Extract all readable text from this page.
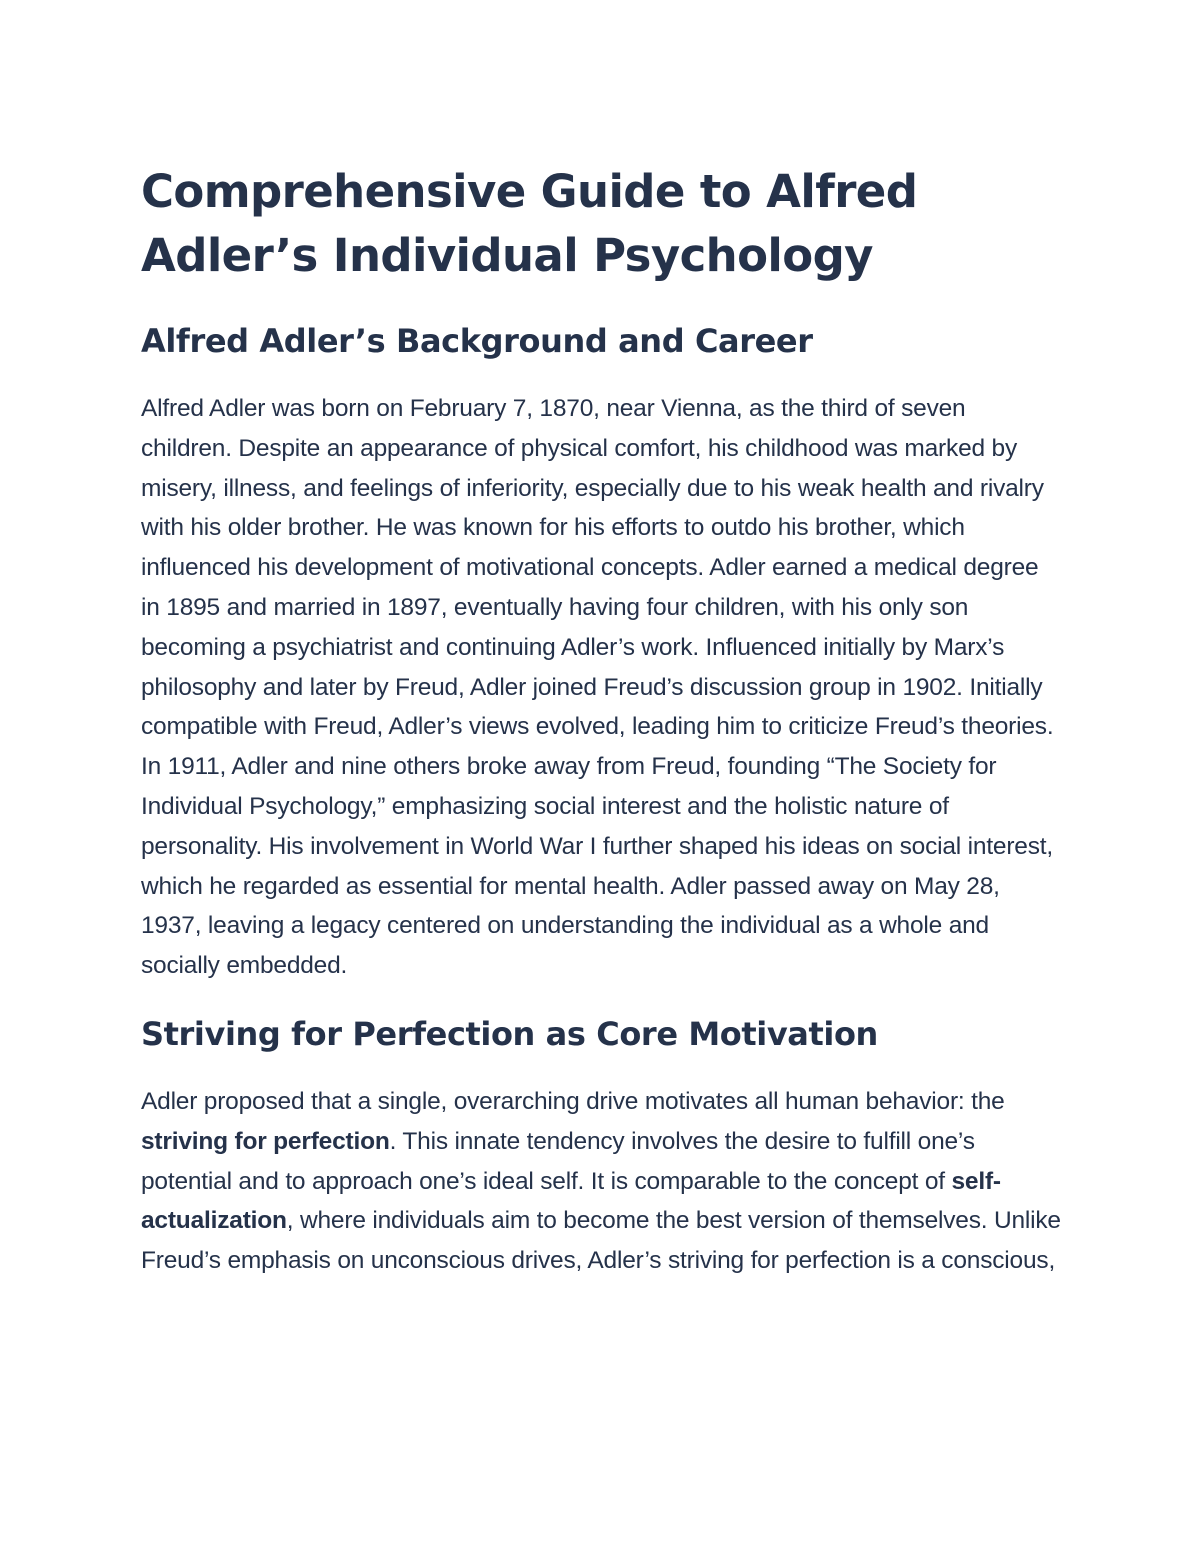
Comprehensive Guide to Alfred Adler’s Individual Psychology
Alfred Adler’s Background and Career

Alfred Adler was born on February 7, 1870, near Vienna, as the third of seven children. Despite an appearance of physical comfort, his childhood was marked by misery, illness, and feelings of inferiority, especially due to his weak health and rivalry with his older brother. He was known for his efforts to outdo his brother, which influenced his development of motivational concepts. Adler earned a medical degree in 1895 and married in 1897, eventually having four children, with his only son becoming a psychiatrist and continuing Adler’s work. Influenced initially by Marx’s philosophy and later by Freud, Adler joined Freud’s discussion group in 1902. Initially compatible with Freud, Adler’s views evolved, leading him to criticize Freud’s theories. In 1911, Adler and nine others broke away from Freud, founding “The Society for Individual Psychology,” emphasizing social interest and the holistic nature of personality. His involvement in World War I further shaped his ideas on social interest, which he regarded as essential for mental health. Adler passed away on May 28, 1937, leaving a legacy centered on understanding the individual as a whole and socially embedded.

Striving for Perfection as Core Motivation

Adler proposed that a single, overarching drive motivates all human behavior: the striving for perfection. This innate tendency involves the desire to fulfill one’s potential and to approach one’s ideal self. It is comparable to the concept of self-actualization, where individuals aim to become the best version of themselves. Unlike Freud’s emphasis on unconscious drives, Adler’s striving for perfection is a conscious,
